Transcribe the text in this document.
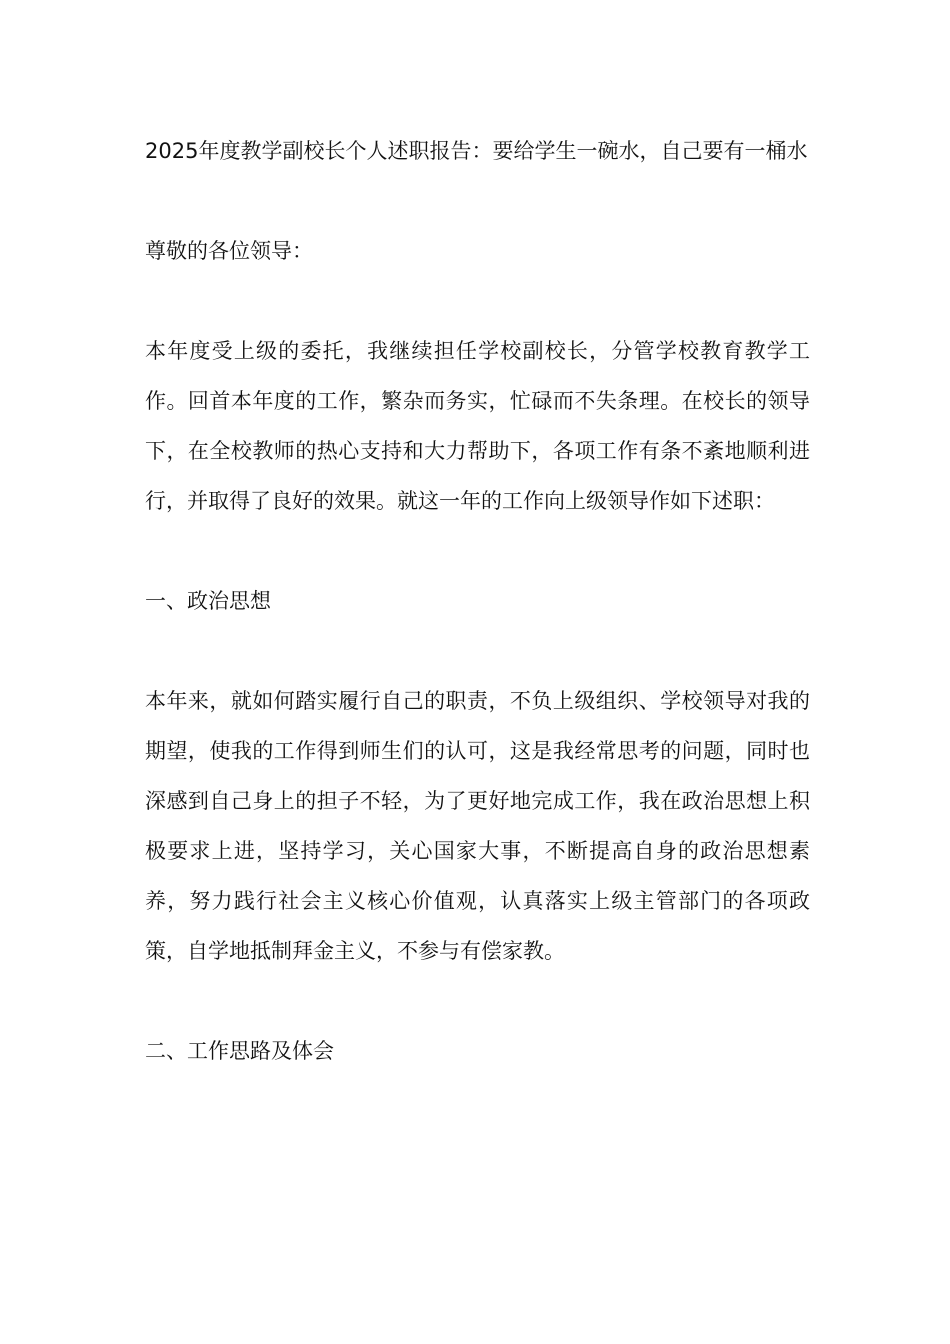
2025年度教学副校长个人述职报告：要给学生一碗水，自己要有一桶水

尊敬的各位领导：

本年度受上级的委托，我继续担任学校副校长，分管学校教育教学工作。回首本年度的工作，繁杂而务实，忙碌而不失条理。在校长的领导下，在全校教师的热心支持和大力帮助下，各项工作有条不紊地顺利进行，并取得了良好的效果。就这一年的工作向上级领导作如下述职：

一、政治思想

本年来，就如何踏实履行自己的职责，不负上级组织、学校领导对我的期望，使我的工作得到师生们的认可，这是我经常思考的问题，同时也深感到自己身上的担子不轻，为了更好地完成工作，我在政治思想上积极要求上进，坚持学习，关心国家大事，不断提高自身的政治思想素养，努力践行社会主义核心价值观，认真落实上级主管部门的各项政策，自学地抵制拜金主义，不参与有偿家教。

二、工作思路及体会
